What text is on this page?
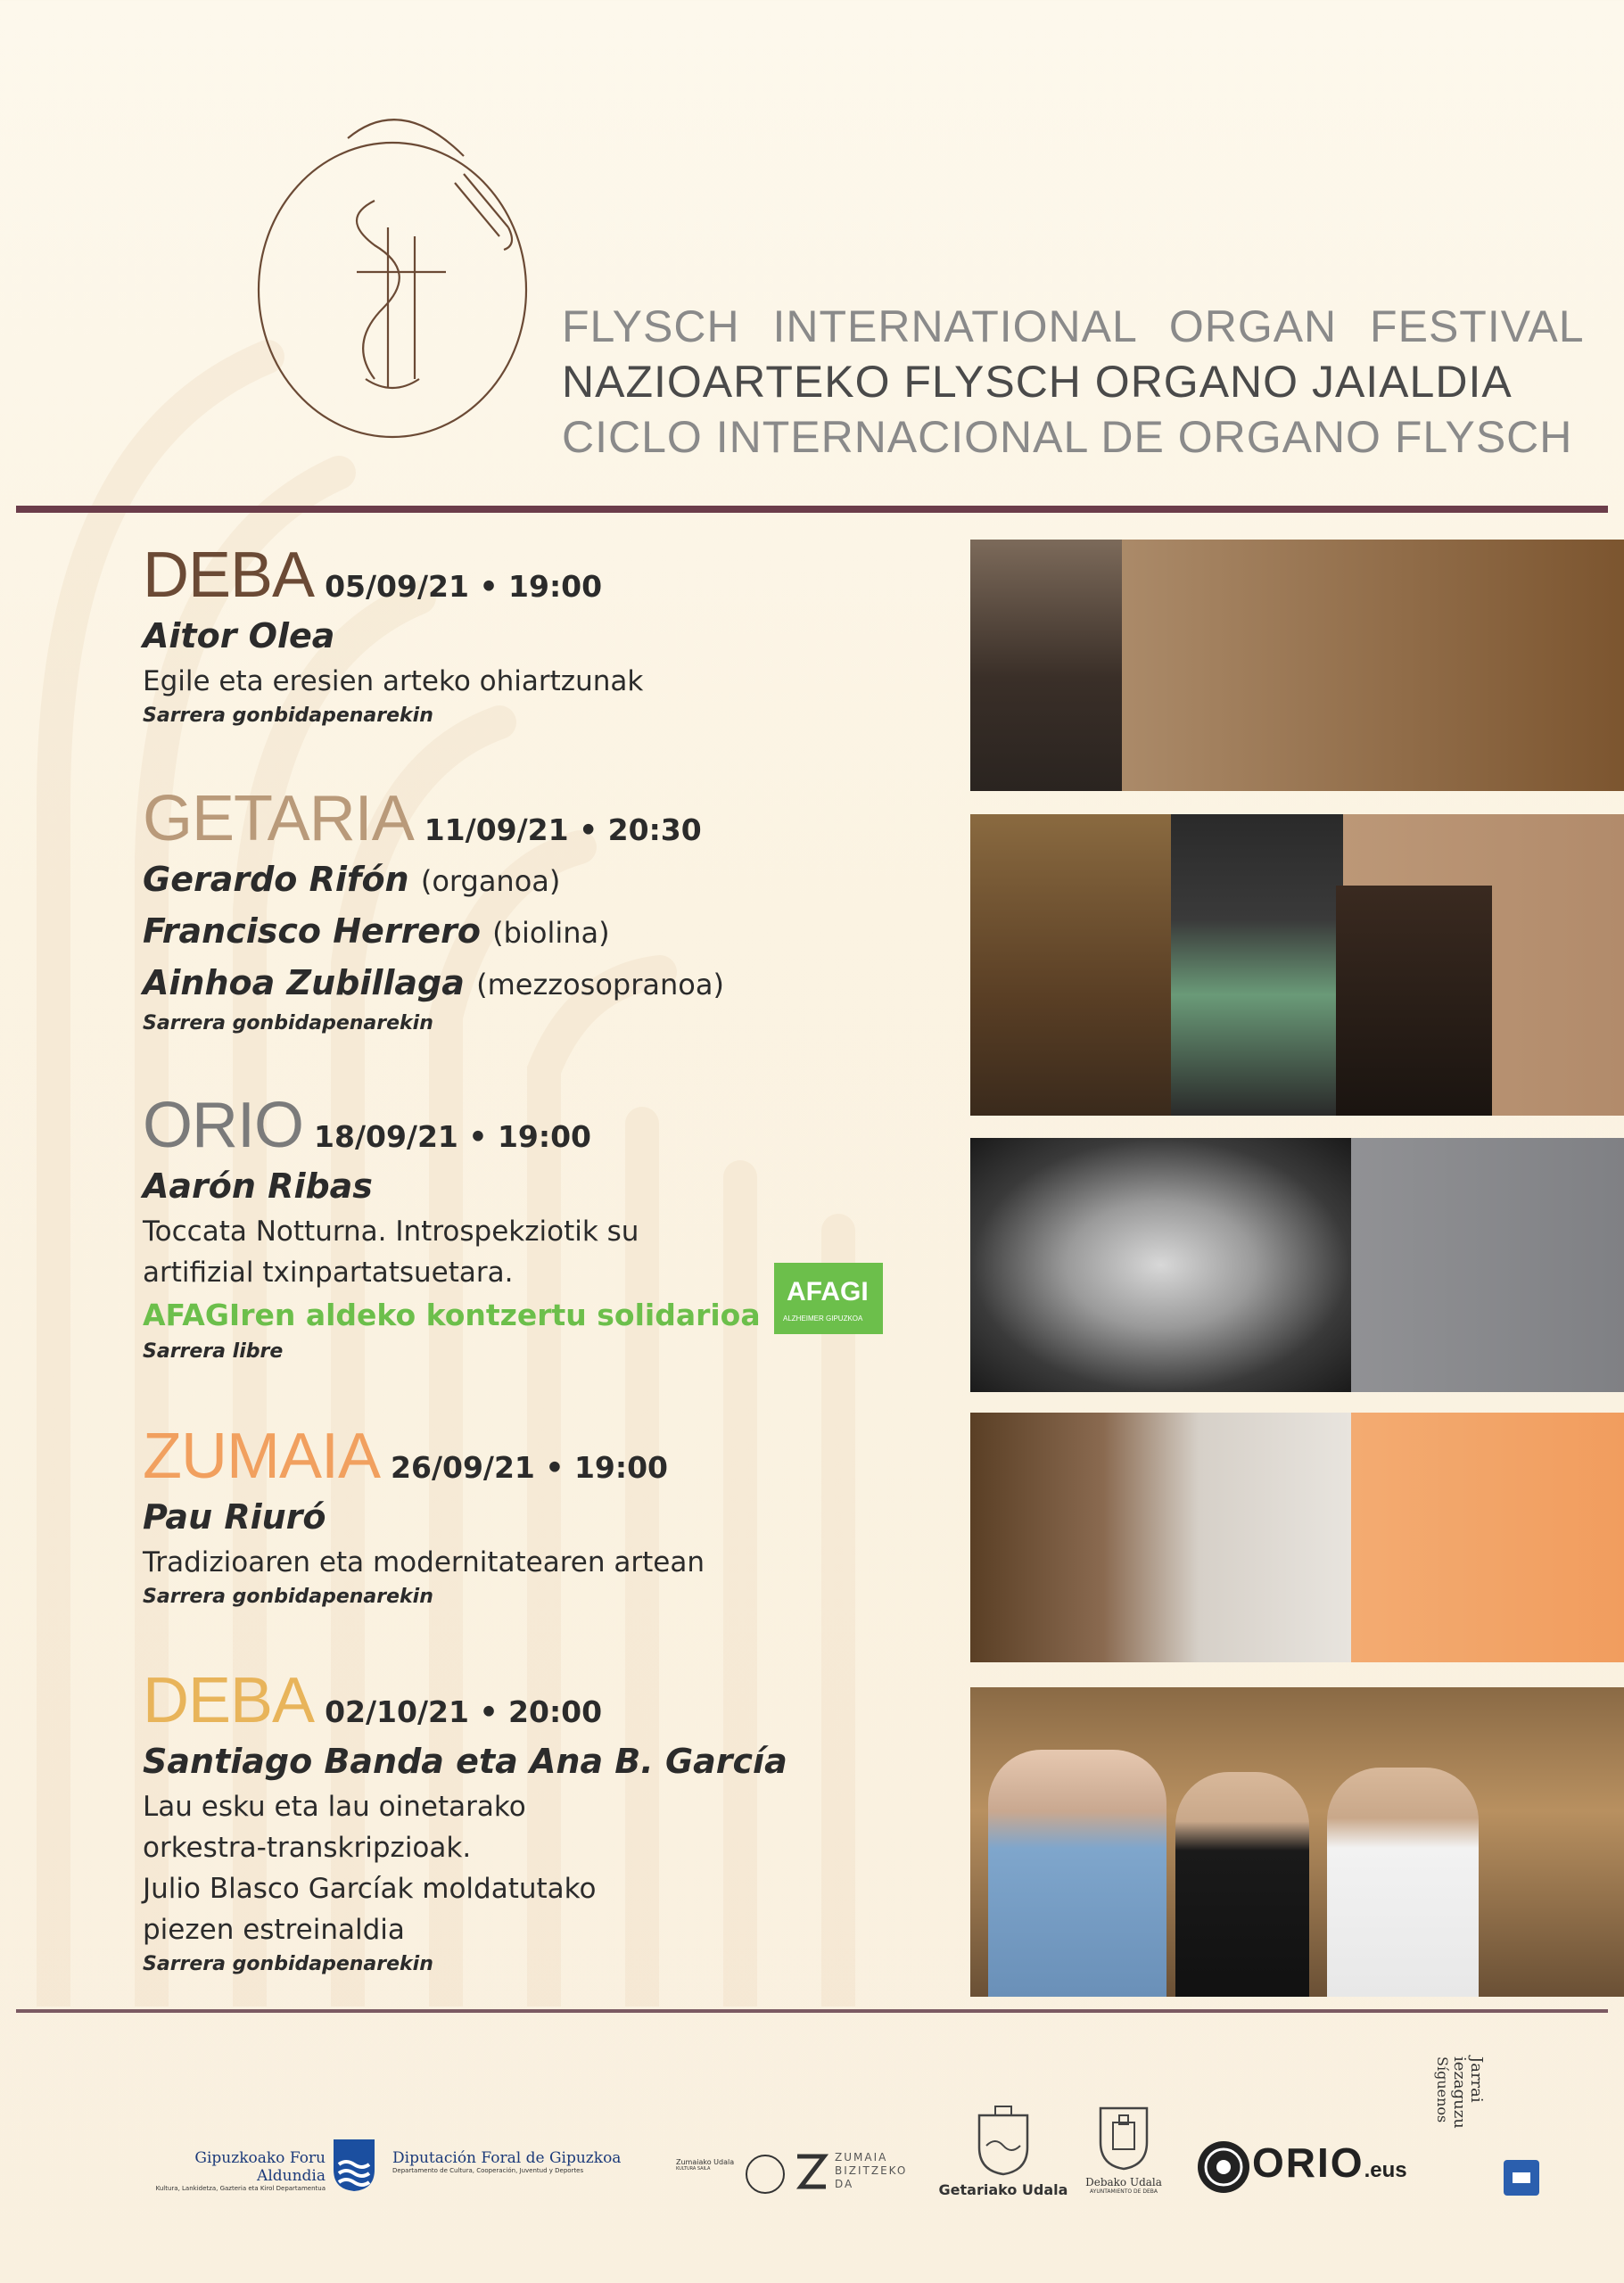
FLYSCH INTERNATIONAL ORGAN FESTIVAL
NAZIOARTEKO FLYSCH ORGANO JAIALDIA
CICLO INTERNACIONAL DE ORGANO FLYSCH
DEBA 05/09/21 • 19:00
Aitor Olea
Egile eta eresien arteko ohiartzunak
Sarrera gonbidapenarekin
GETARIA 11/09/21 • 20:30
Gerardo Rifón (organoa)
Francisco Herrero (biolina)
Ainhoa Zubillaga (mezzosopranoa)
Sarrera gonbidapenarekin
ORIO 18/09/21 • 19:00
Aarón Ribas
Toccata Notturna. Introspekziotik su
artifizial txinpartatsuetara.
AFAGIren aldeko kontzertu solidarioa
Sarrera libre
AFAGI
ALZHEIMER GIPUZKOA
ZUMAIA 26/09/21 • 19:00
Pau Riuró
Tradizioaren eta modernitatearen artean
Sarrera gonbidapenarekin
DEBA 02/10/21 • 20:00
Santiago Banda eta Ana B. García
Lau esku eta lau oinetarako
orkestra-transkripzioak.
Julio Blasco Garcíak moldatutako
piezen estreinaldia
Sarrera gonbidapenarekin
Gipuzkoako Foru Aldundia
Kultura, Lankidetza, Gazteria eta Kirol Departamentua
Diputación Foral de Gipuzkoa
Departamento de Cultura, Cooperación, Juventud y Deportes
Zumaiako Udala
KULTURA SAILA
ZUMAIA
BIZITZEKO
DA	Getariako Udala	Debako Udala
AYUNTAMIENTO DE DEBA
ORIO.eus
Jarrai iezaguzu
Síguenos
